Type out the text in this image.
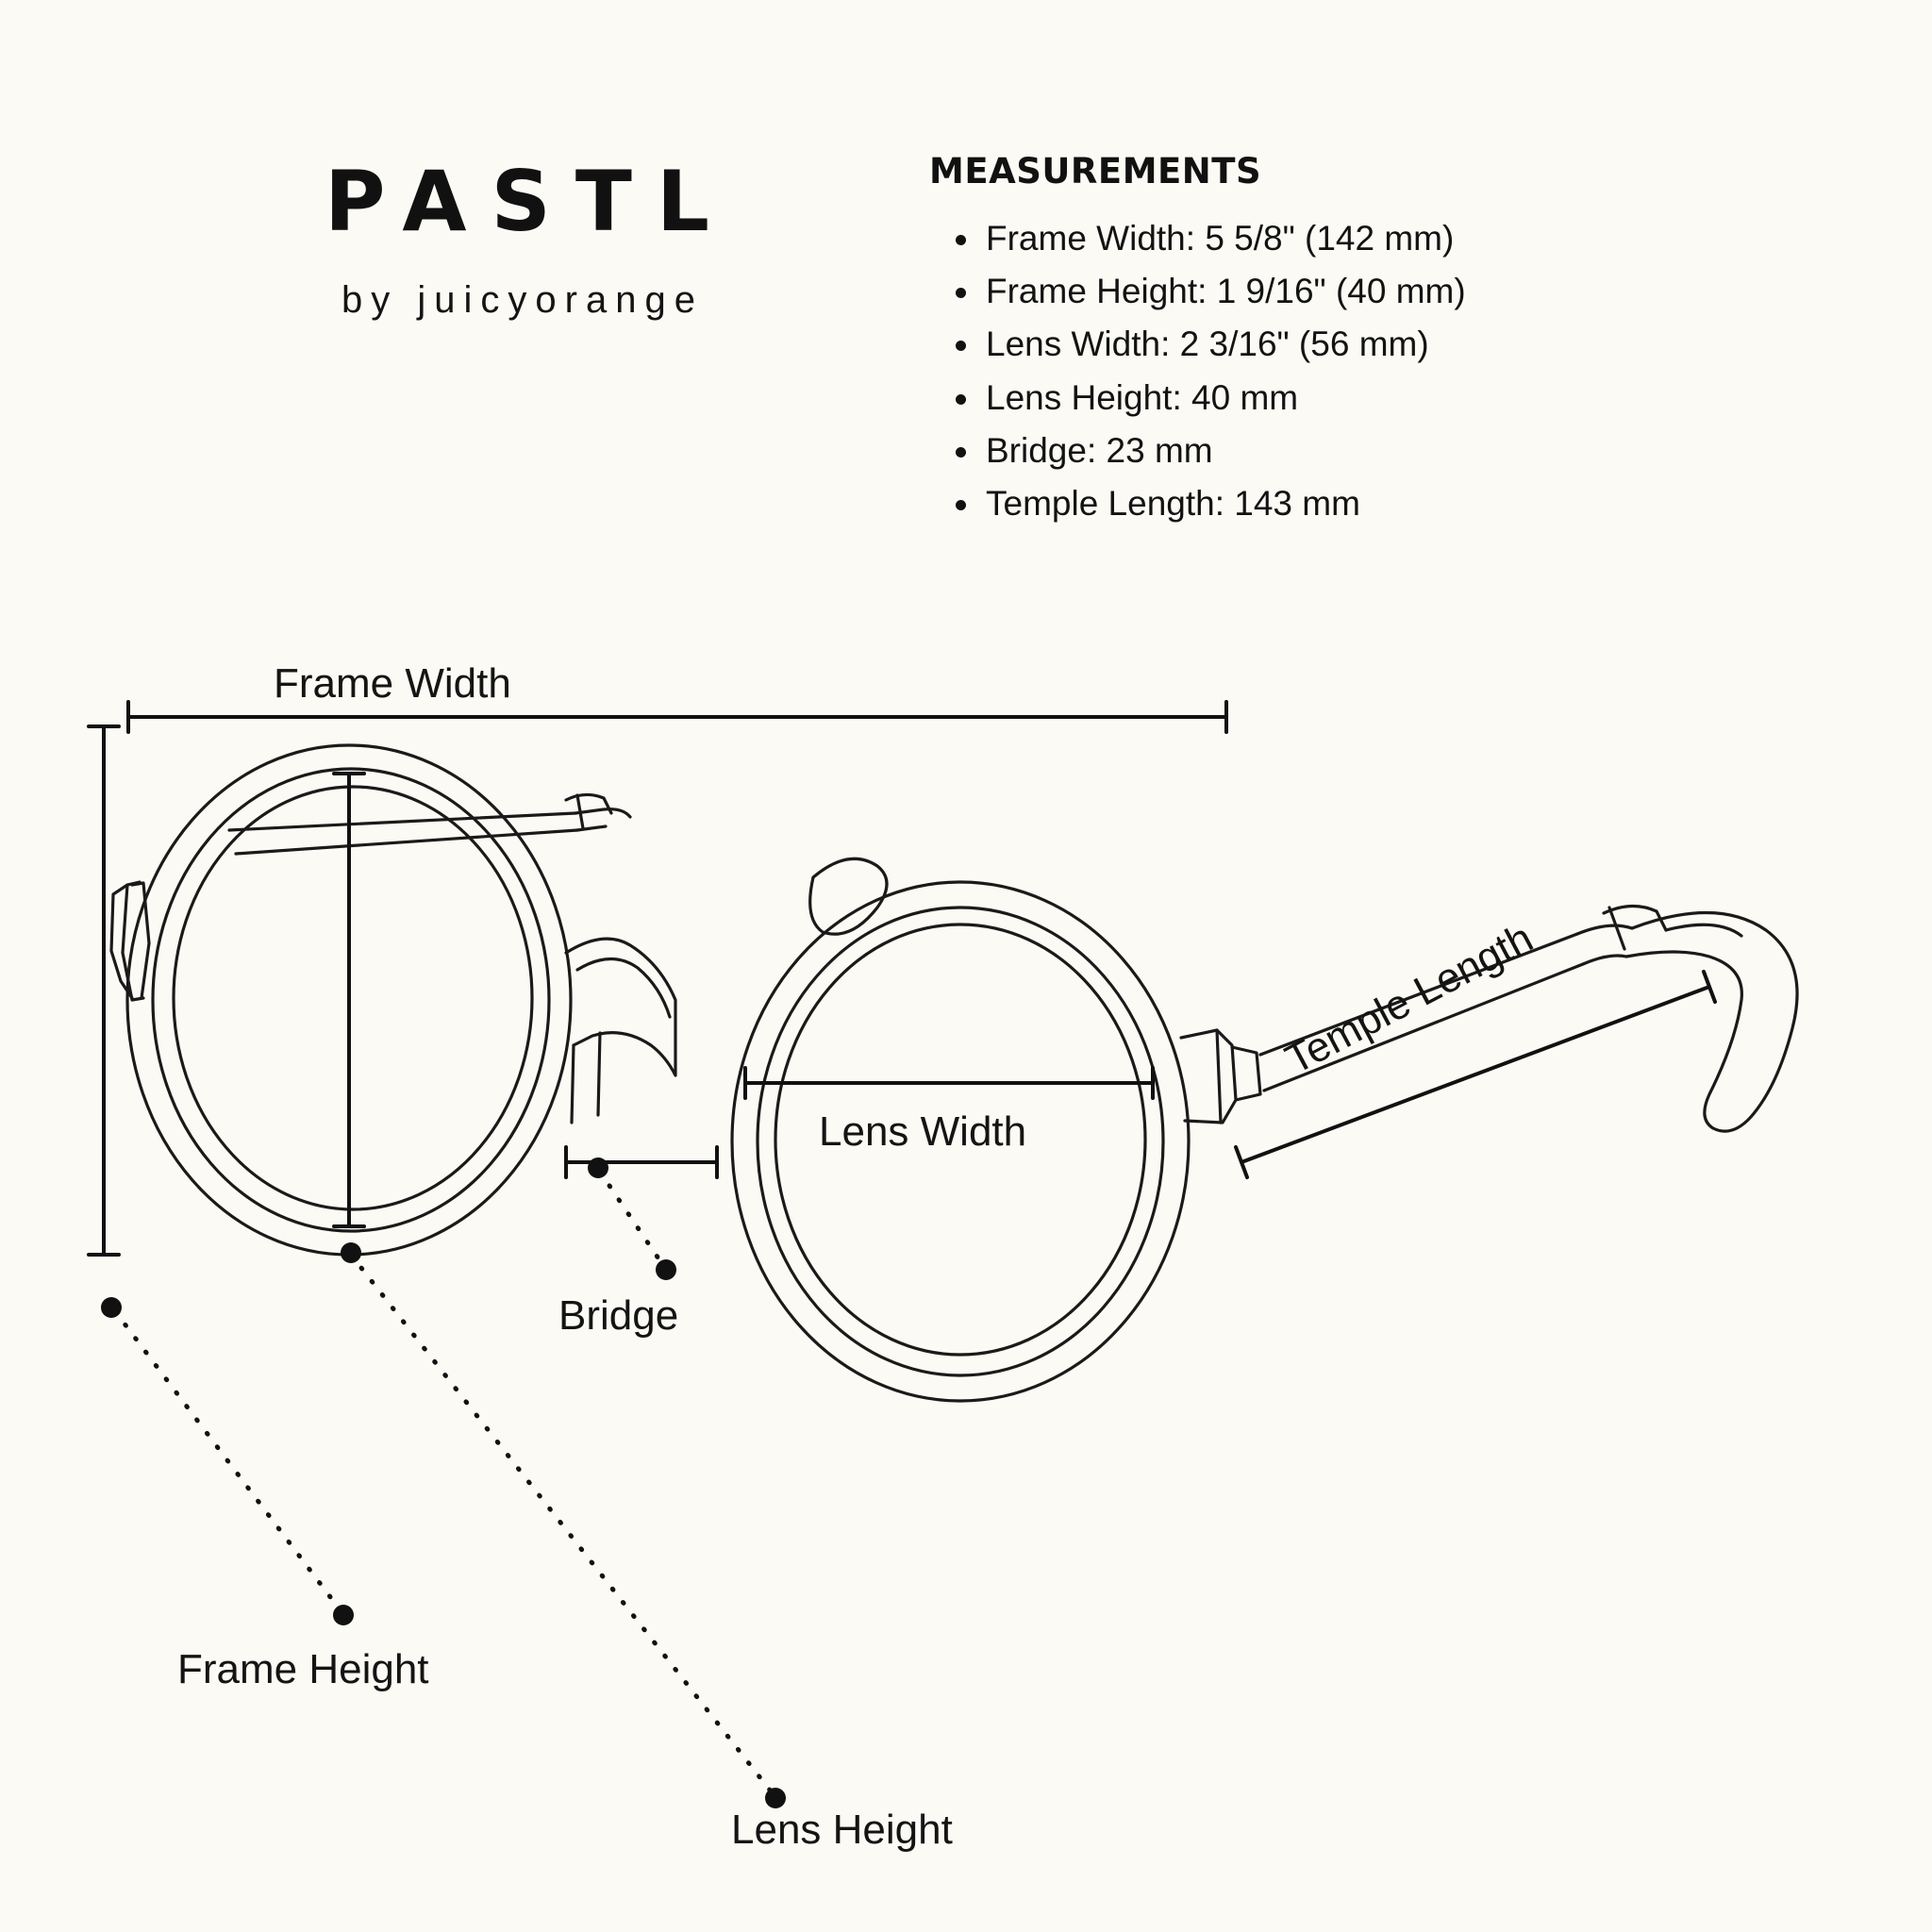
PASTL
by juicyorange
MEASUREMENTS
Frame Width: 5 5/8" (142 mm)
Frame Height: 1 9/16" (40 mm)
Lens Width: 2 3/16" (56 mm)
Lens Height: 40 mm
Bridge: 23 mm
Temple Length: 143 mm
Frame Width
Lens Width
Bridge
Frame Height
Lens Height
Temple Length
